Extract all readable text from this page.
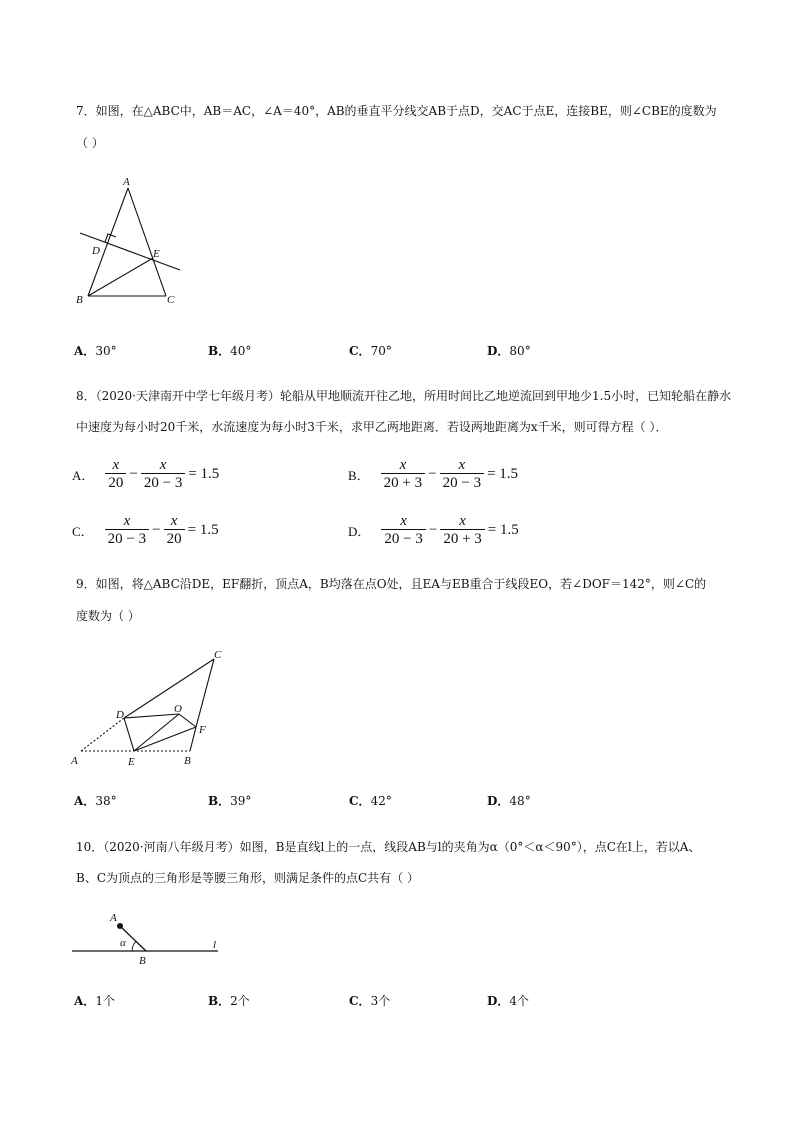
7．如图，在△ABC中，AB＝AC，∠A＝40°，AB的垂直平分线交AB于点D，交AC于点E，连接BE，则∠CBE的度数为
（ ）
A
D	E
B	C
A．30°	B．40°	C．70°	D．80°
8．（2020·天津南开中学七年级月考）轮船从甲地顺流开往乙地，所用时间比乙地逆流回到甲地少1.5小时，已知轮船在静水
中速度为每小时20千米，水流速度为每小时3千米，求甲乙两地距离．若设两地距离为x千米，则可得方程（ ）．
A． $\frac{x}{20} - \frac{x}{20 - 3} = 1.5$	B． $\frac{x}{20 + 3} - \frac{x}{20 - 3} = 1.5$
C． $\frac{x}{20 - 3} - \frac{x}{20} = 1.5$	D． $\frac{x}{20 - 3} - \frac{x}{20 + 3} = 1.5$
9．如图，将△ABC沿DE，EF翻折，顶点A，B均落在点O处，且EA与EB重合于线段EO，若∠DOF＝142°，则∠C的
度数为（ ）
C
O
D
F
A	E	B
A．38°	B．39°	C．42°	D．48°
10．（2020·河南八年级月考）如图，B是直线l上的一点，线段AB与l的夹角为α（0°＜α＜90°），点C在l上，若以A、
B、C为顶点的三角形是等腰三角形，则满足条件的点C共有（ ）
A
α
B
l
A．1个	B．2个	C．3个	D．4个
